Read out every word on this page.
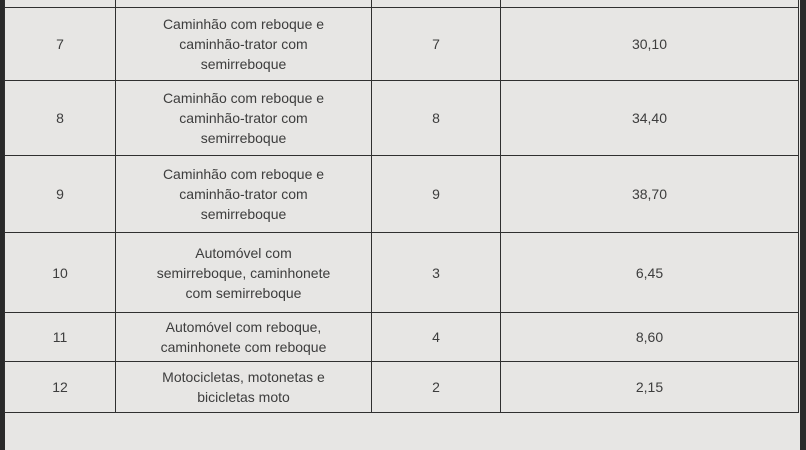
7	Caminhão com reboque e
caminhão-trator com
semirreboque	7	30,10
8	Caminhão com reboque e
caminhão-trator com
semirreboque	8	34,40
9	Caminhão com reboque e
caminhão-trator com
semirreboque	9	38,70
10	Automóvel com
semirreboque, caminhonete
com semirreboque	3	6,45
11	Automóvel com reboque,
caminhonete com reboque	4	8,60
12	Motocicletas, motonetas e
bicicletas moto	2	2,15
